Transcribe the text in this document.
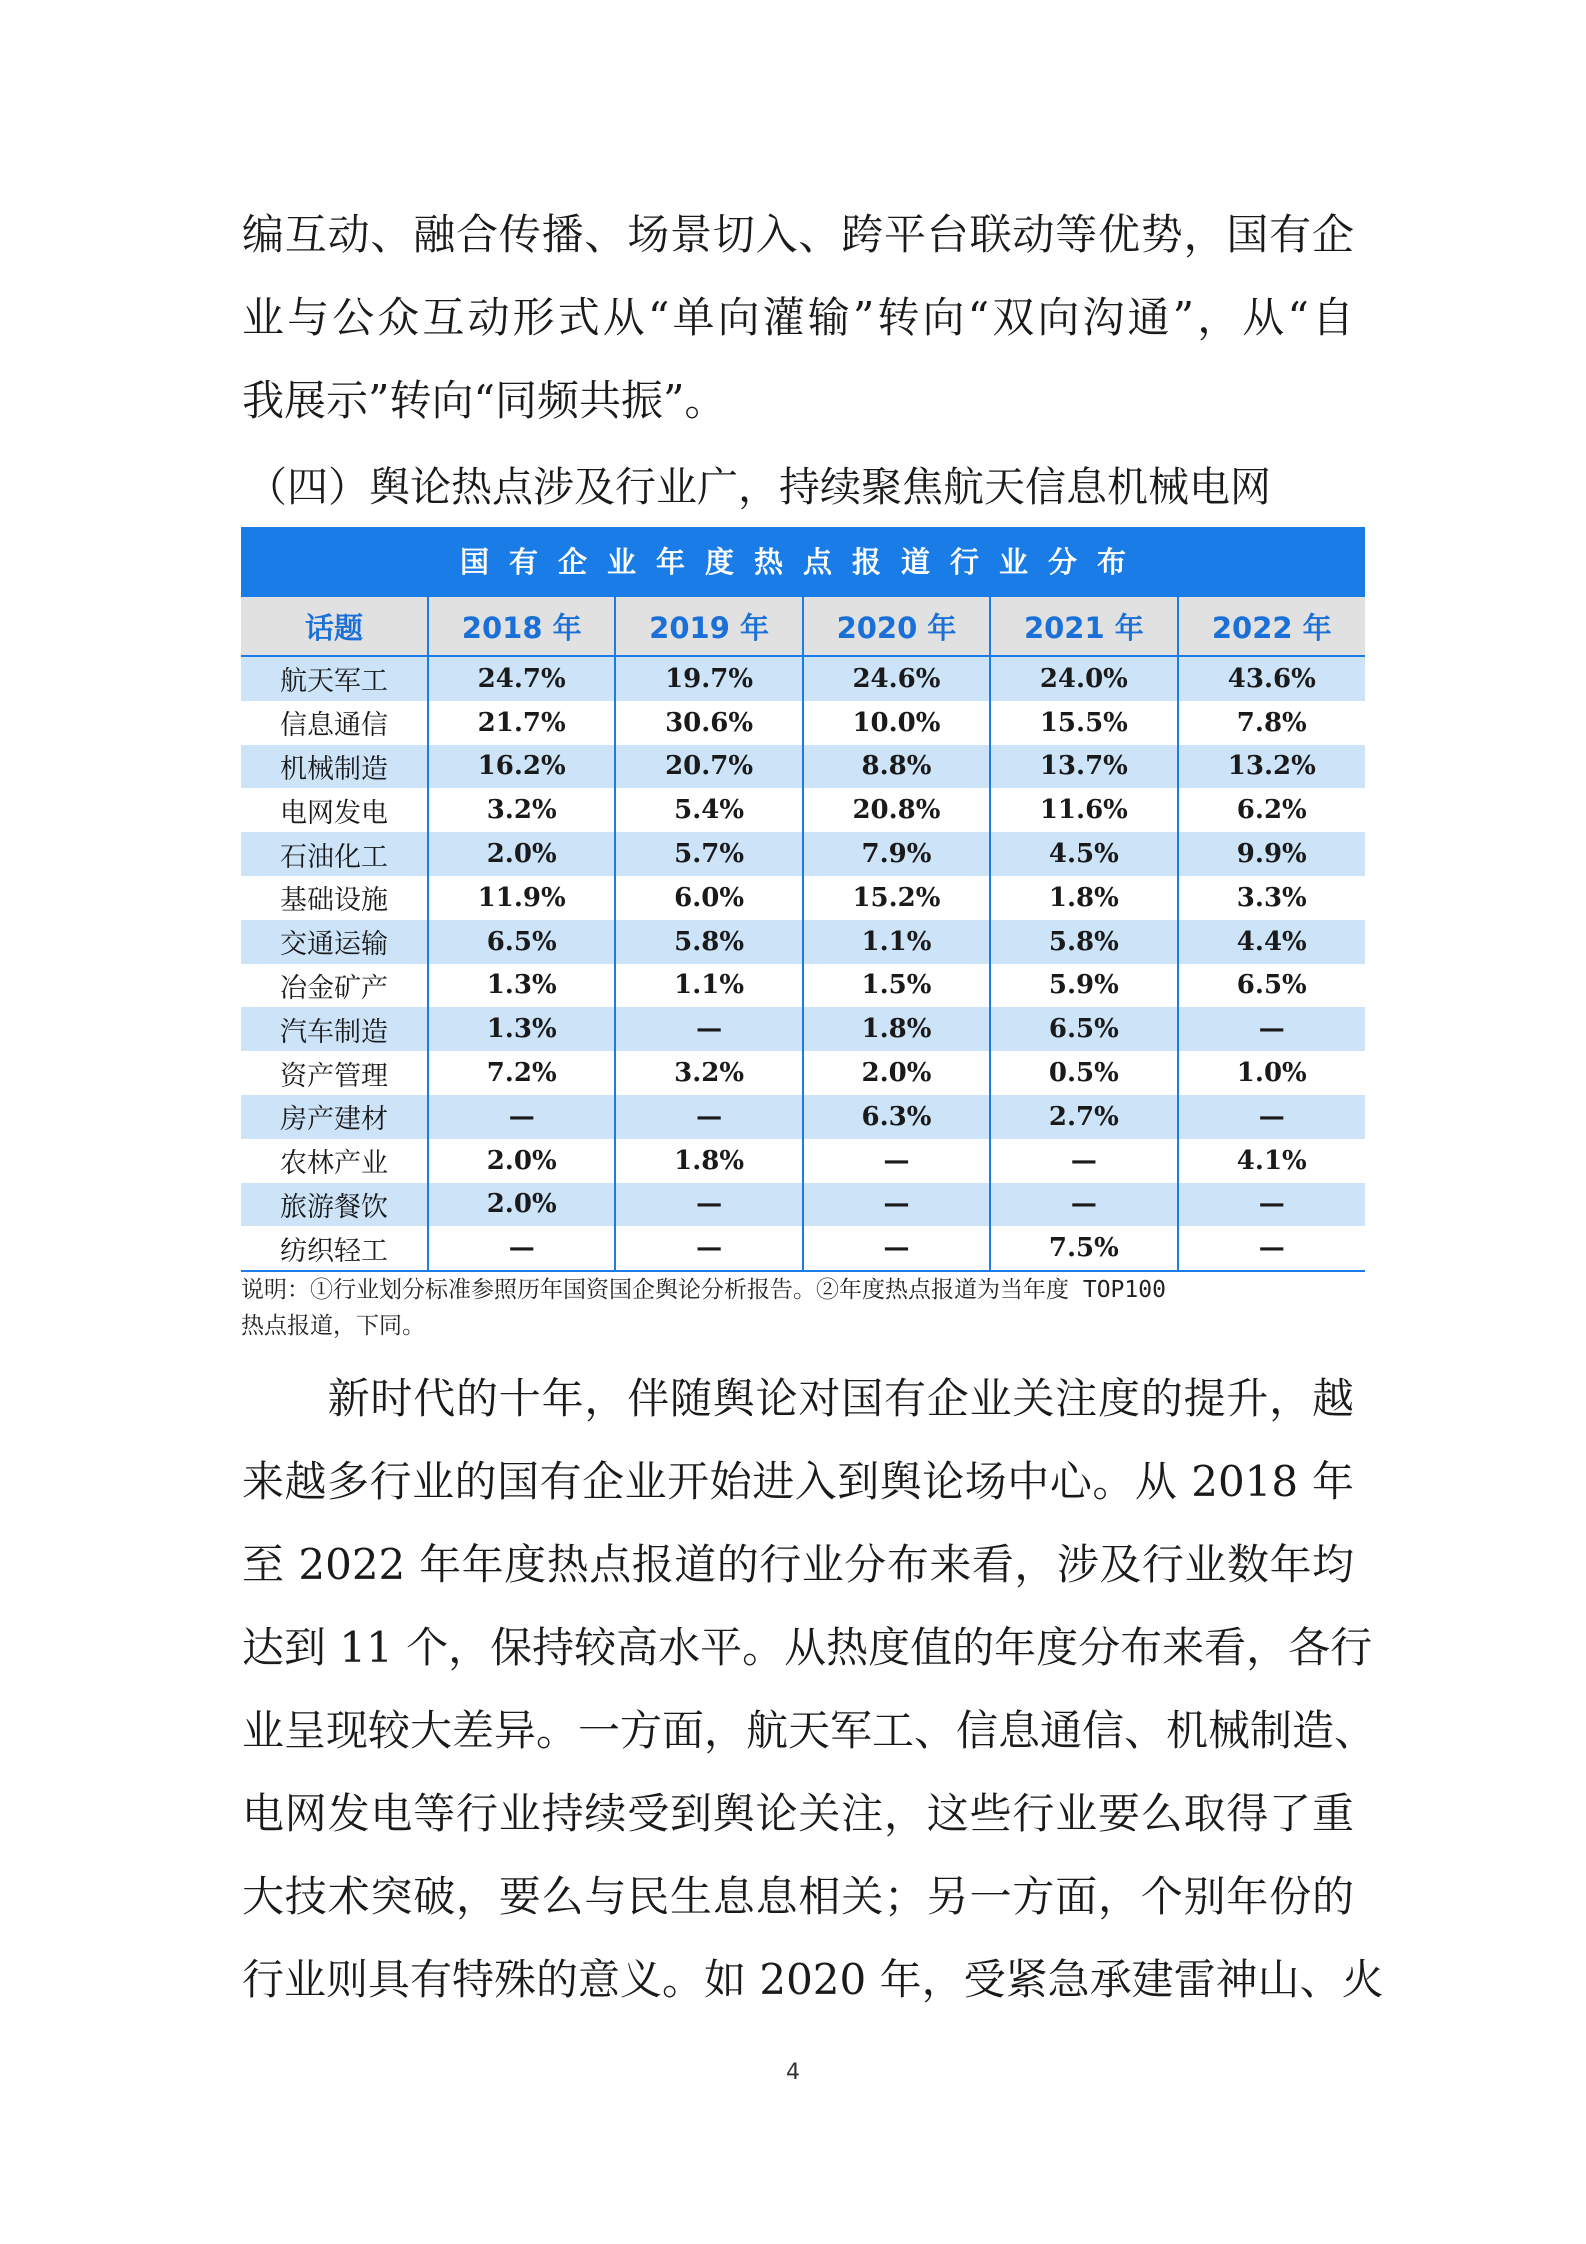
编互动、融合传播、场景切入、跨平台联动等优势，国有企
业与公众互动形式从“单向灌输”转向“双向沟通”，从“自
我展示”转向“同频共振”。
（四）舆论热点涉及行业广，持续聚焦航天信息机械电网
国有企业年度热点报道行业分布
话题	2018 年	2019 年	2020 年	2021 年	2022 年
航天军工	24.7%	19.7%	24.6%	24.0%	43.6%
信息通信	21.7%	30.6%	10.0%	15.5%	7.8%
机械制造	16.2%	20.7%	8.8%	13.7%	13.2%
电网发电	3.2%	5.4%	20.8%	11.6%	6.2%
石油化工	2.0%	5.7%	7.9%	4.5%	9.9%
基础设施	11.9%	6.0%	15.2%	1.8%	3.3%
交通运输	6.5%	5.8%	1.1%	5.8%	4.4%
冶金矿产	1.3%	1.1%	1.5%	5.9%	6.5%
汽车制造	1.3%	—	1.8%	6.5%	—
资产管理	7.2%	3.2%	2.0%	0.5%	1.0%
房产建材	—	—	6.3%	2.7%	—
农林产业	2.0%	1.8%	—	—	4.1%
旅游餐饮	2.0%	—	—	—	—
纺织轻工	—	—	—	7.5%	—
说明：①行业划分标准参照历年国资国企舆论分析报告。②年度热点报道为当年度 TOP100
热点报道，下同。
　　新时代的十年，伴随舆论对国有企业关注度的提升，越
来越多行业的国有企业开始进入到舆论场中心。从 2018 年
至 2022 年年度热点报道的行业分布来看，涉及行业数年均
达到 11 个，保持较高水平。从热度值的年度分布来看，各行
业呈现较大差异。一方面，航天军工、信息通信、机械制造、
电网发电等行业持续受到舆论关注，这些行业要么取得了重
大技术突破，要么与民生息息相关；另一方面，个别年份的
行业则具有特殊的意义。如 2020 年，受紧急承建雷神山、火
4
